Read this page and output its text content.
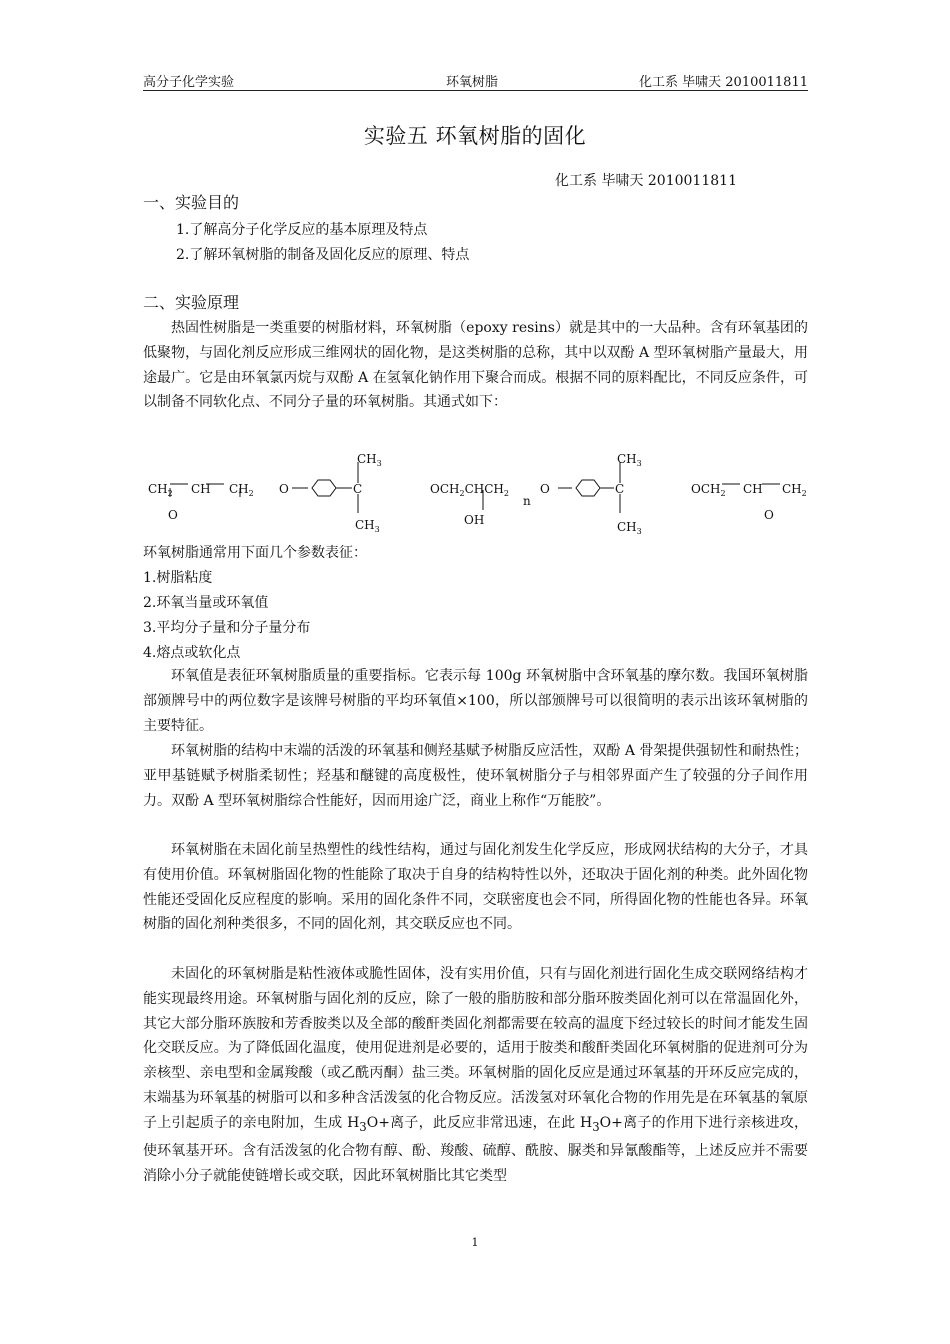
高分子化学实验	环氧树脂	化工系 毕啸天 2010011811
实验五 环氧树脂的固化
化工系 毕啸天 2010011811
一、实验目的
1.了解高分子化学反应的基本原理及特点
2.了解环氧树脂的制备及固化反应的原理、特点
二、实验原理

热固性树脂是一类重要的树脂材料，环氧树脂（epoxy resins）就是其中的一大品种。含有环氧基团的低聚物，与固化剂反应形成三维网状的固化物，是这类树脂的总称，其中以双酚 A 型环氧树脂产量最大，用途最广。它是由环氧氯丙烷与双酚 A 在氢氧化钠作用下聚合而成。根据不同的原料配比，不同反应条件，可以制备不同软化点、不同分子量的环氧树脂。其通式如下：

$CH_2$ CH $CH_2$
O
O	C
$CH_3$
$CH_3$
$OCH_2CHCH_2$
OH
n
O	C
$CH_3$
$CH_3$
$OCH_2$ CH $CH_2$
O
环氧树脂通常用下面几个参数表征：
1.树脂粘度
2.环氧当量或环氧值
3.平均分子量和分子量分布
4.熔点或软化点

环氧值是表征环氧树脂质量的重要指标。它表示每 100g 环氧树脂中含环氧基的摩尔数。我国环氧树脂部颁牌号中的两位数字是该牌号树脂的平均环氧值×100，所以部颁牌号可以很简明的表示出该环氧树脂的主要特征。

环氧树脂的结构中末端的活泼的环氧基和侧羟基赋予树脂反应活性，双酚 A 骨架提供强韧性和耐热性；亚甲基链赋予树脂柔韧性；羟基和醚键的高度极性，使环氧树脂分子与相邻界面产生了较强的分子间作用力。双酚 A 型环氧树脂综合性能好，因而用途广泛，商业上称作“万能胶”。

环氧树脂在未固化前呈热塑性的线性结构，通过与固化剂发生化学反应，形成网状结构的大分子，才具有使用价值。环氧树脂固化物的性能除了取决于自身的结构特性以外，还取决于固化剂的种类。此外固化物性能还受固化反应程度的影响。采用的固化条件不同，交联密度也会不同，所得固化物的性能也各异。环氧树脂的固化剂种类很多，不同的固化剂，其交联反应也不同。

未固化的环氧树脂是粘性液体或脆性固体，没有实用价值，只有与固化剂进行固化生成交联网络结构才能实现最终用途。环氧树脂与固化剂的反应，除了一般的脂肪胺和部分脂环胺类固化剂可以在常温固化外，其它大部分脂环族胺和芳香胺类以及全部的酸酐类固化剂都需要在较高的温度下经过较长的时间才能发生固化交联反应。为了降低固化温度，使用促进剂是必要的，适用于胺类和酸酐类固化环氧树脂的促进剂可分为亲核型、亲电型和金属羧酸（或乙酰丙酮）盐三类。环氧树脂的固化反应是通过环氧基的开环反应完成的，末端基为环氧基的树脂可以和多种含活泼氢的化合物反应。活泼氢对环氧化合物的作用先是在环氧基的氧原子上引起质子的亲电附加，生成 $H_3O+$离子，此反应非常迅速，在此 $H_3O+$离子的作用下进行亲核进攻，使环氧基开环。含有活泼氢的化合物有醇、酚、羧酸、硫醇、酰胺、脲类和异氰酸酯等，上述反应并不需要消除小分子就能使链增长或交联，因此环氧树脂比其它类型

1
